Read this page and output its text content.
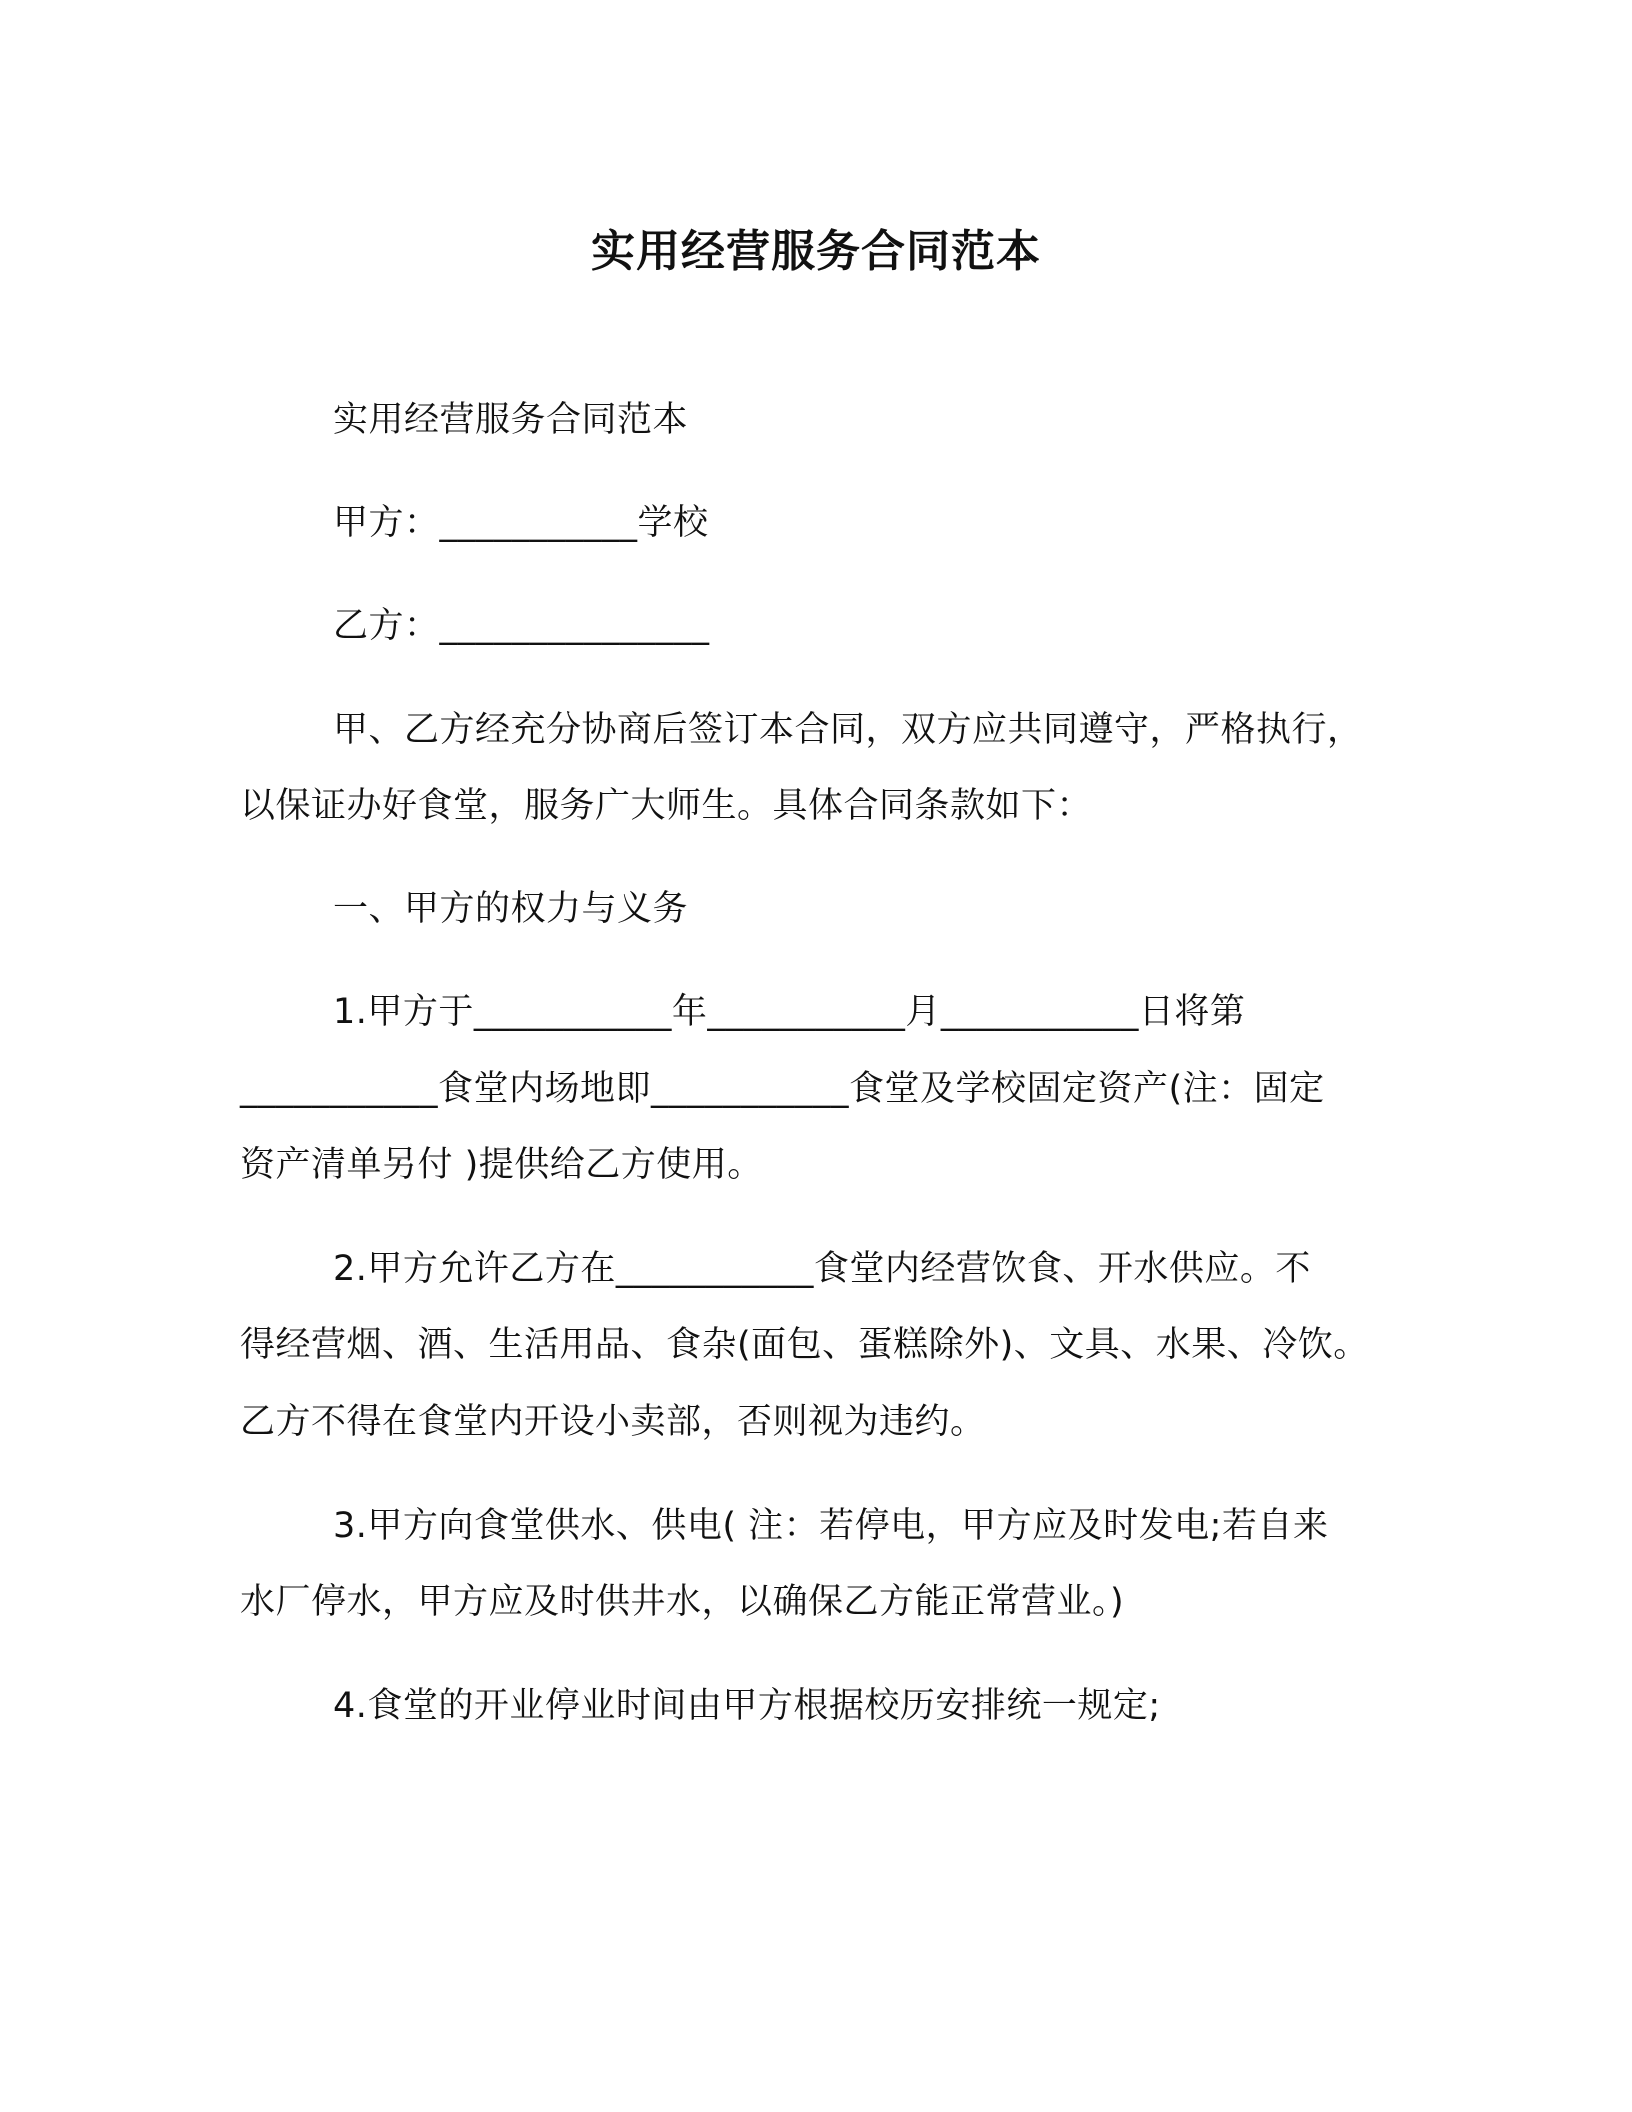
实用经营服务合同范本
实用经营服务合同范本
甲方：___________学校
乙方：_______________
甲、乙方经充分协商后签订本合同，双方应共同遵守，严格执行，
以保证办好食堂，服务广大师生。具体合同条款如下：
一、甲方的权力与义务
1.甲方于___________年___________月___________日将第
___________食堂内场地即___________食堂及学校固定资产(注：固定
资产清单另付 )提供给乙方使用。
2.甲方允许乙方在___________食堂内经营饮食、开水供应。不
得经营烟、酒、生活用品、食杂(面包、蛋糕除外)、文具、水果、冷饮。
乙方不得在食堂内开设小卖部，否则视为违约。
3.甲方向食堂供水、供电( 注：若停电，甲方应及时发电;若自来
水厂停水，甲方应及时供井水，以确保乙方能正常营业。)
4.食堂的开业停业时间由甲方根据校历安排统一规定;
